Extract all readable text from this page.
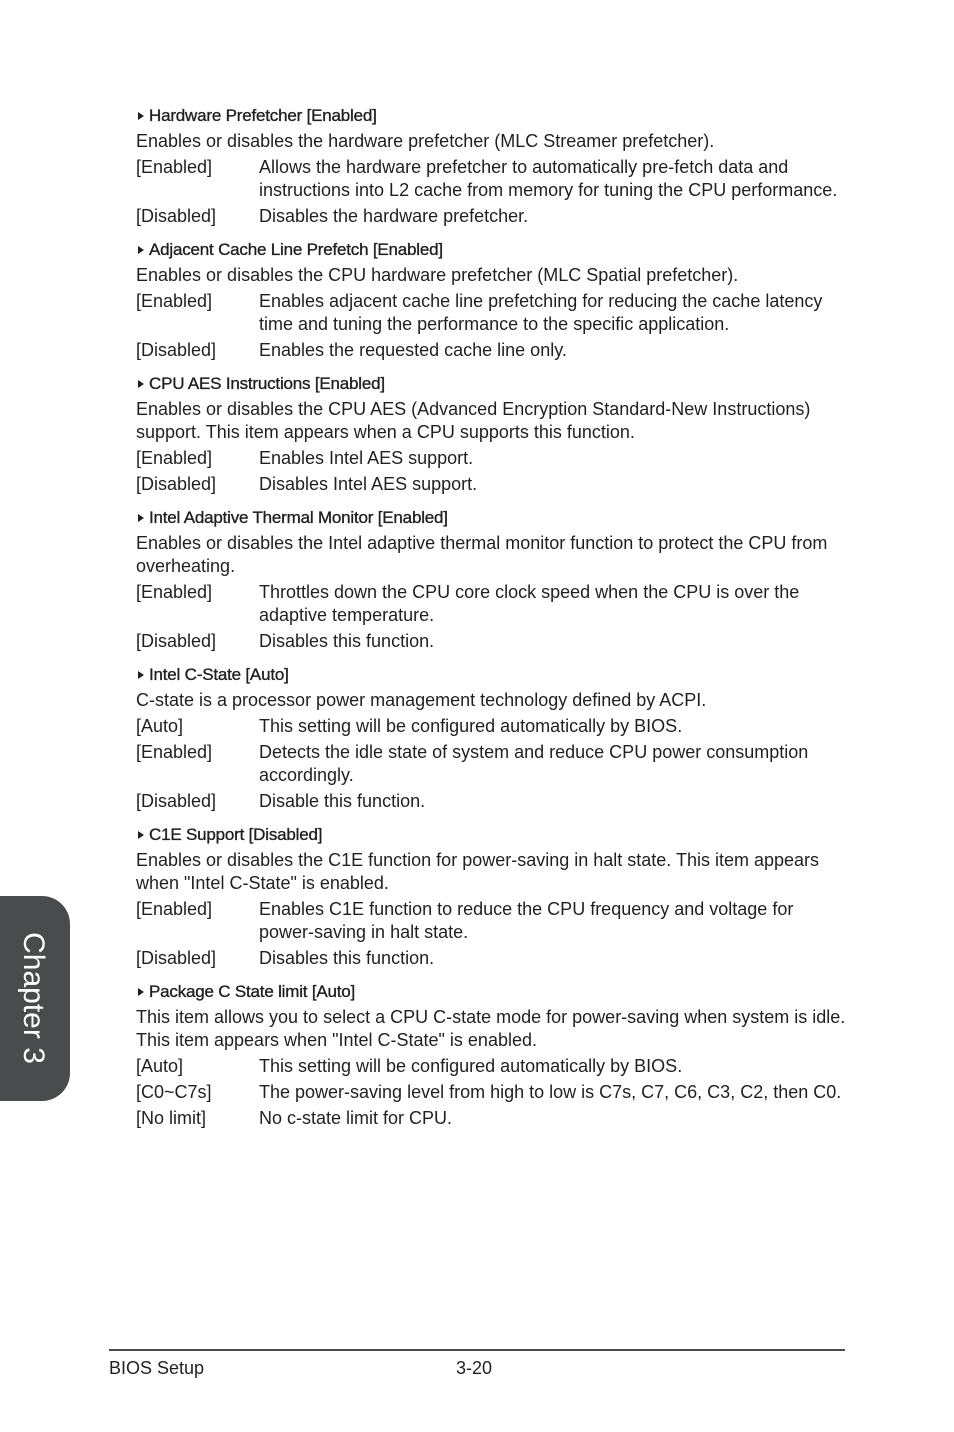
Hardware Prefetcher [Enabled]
Enables or disables the hardware prefetcher (MLC Streamer prefetcher).
[Enabled]	Allows the hardware prefetcher to automatically pre-fetch data and instructions into L2 cache from memory for tuning the CPU performance.
[Disabled]	Disables the hardware prefetcher.
Adjacent Cache Line Prefetch [Enabled]
Enables or disables the CPU hardware prefetcher (MLC Spatial prefetcher).
[Enabled]	Enables adjacent cache line prefetching for reducing the cache latency time and tuning the performance to the specific application.
[Disabled]	Enables the requested cache line only.
CPU AES Instructions [Enabled]
Enables or disables the CPU AES (Advanced Encryption Standard-New Instructions) support. This item appears when a CPU supports this function.
[Enabled]	Enables Intel AES support.
[Disabled]	Disables Intel AES support.
Intel Adaptive Thermal Monitor [Enabled]
Enables or disables the Intel adaptive thermal monitor function to protect the CPU from overheating.
[Enabled]	Throttles down the CPU core clock speed when the CPU is over the adaptive temperature.
[Disabled]	Disables this function.
Intel C-State [Auto]
C-state is a processor power management technology defined by ACPI.
[Auto]	This setting will be configured automatically by BIOS.
[Enabled]	Detects the idle state of system and reduce CPU power consumption accordingly.
[Disabled]	Disable this function.
C1E Support [Disabled]
Enables or disables the C1E function for power-saving in halt state. This item appears when "Intel C-State" is enabled.
[Enabled]	Enables C1E function to reduce the CPU frequency and voltage for power-saving in halt state.
[Disabled]	Disables this function.
Package C State limit [Auto]
This item allows you to select a CPU C-state mode for power-saving when system is idle. This item appears when "Intel C-State" is enabled.
[Auto]	This setting will be configured automatically by BIOS.
[C0~C7s]	The power-saving level from high to low is C7s, C7, C6, C3, C2, then C0.
[No limit]	No c-state limit for CPU.
Chapter 3
BIOS Setup	3-20
